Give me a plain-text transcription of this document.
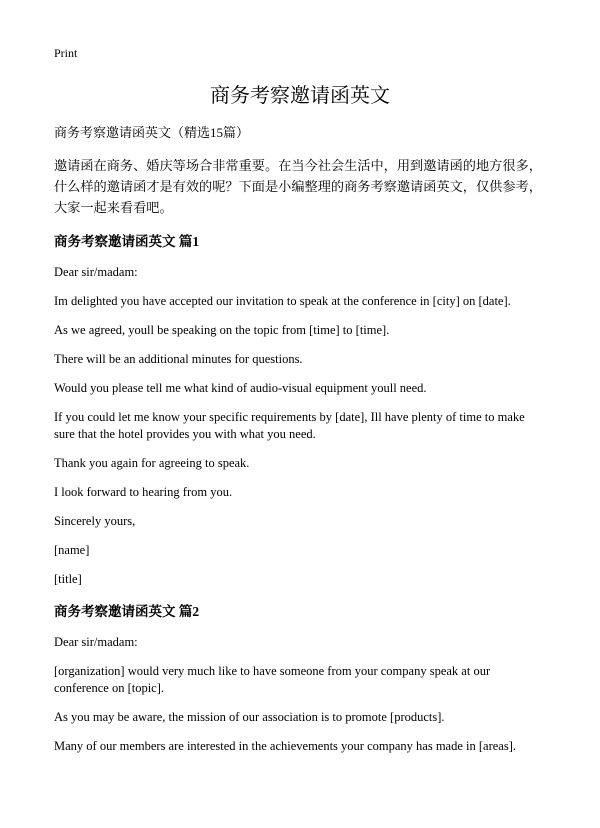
Print
商务考察邀请函英文
商务考察邀请函英文（精选15篇）
邀请函在商务、婚庆等场合非常重要。在当今社会生活中，用到邀请函的地方很多，什么样的邀请函才是有效的呢？下面是小编整理的商务考察邀请函英文，仅供参考，大家一起来看看吧。
商务考察邀请函英文 篇1
Dear sir/madam:
Im delighted you have accepted our invitation to speak at the conference in [city] on [date].
As we agreed, youll be speaking on the topic from [time] to [time].
There will be an additional minutes for questions.
Would you please tell me what kind of audio-visual equipment youll need.
If you could let me know your specific requirements by [date], Ill have plenty of time to make sure that the hotel provides you with what you need.
Thank you again for agreeing to speak.
I look forward to hearing from you.
Sincerely yours,
[name]
[title]
商务考察邀请函英文 篇2
Dear sir/madam:
[organization] would very much like to have someone from your company speak at our conference on [topic].
As you may be aware, the mission of our association is to promote [products].
Many of our members are interested in the achievements your company has made in [areas].
